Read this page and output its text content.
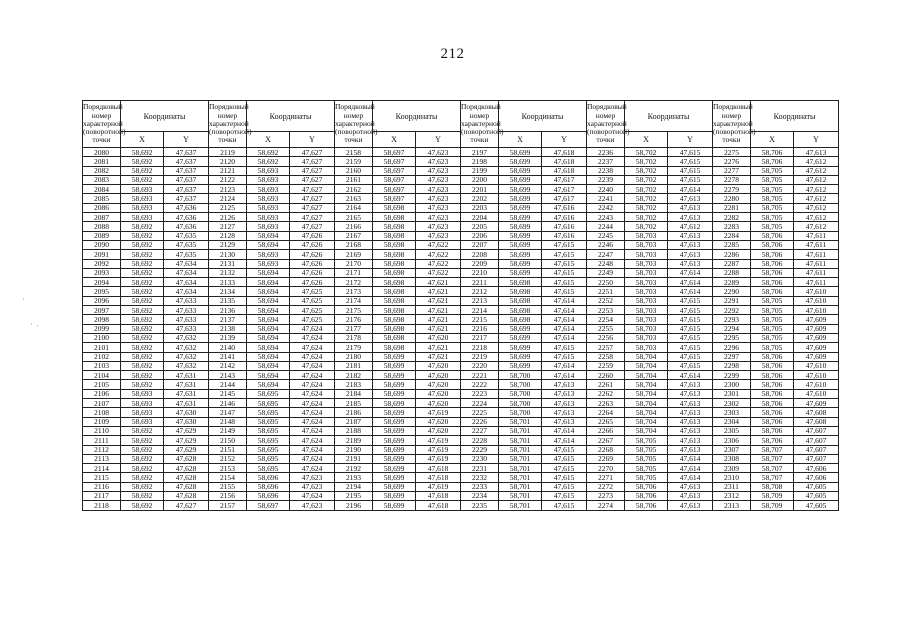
212
· ·
·
Порядковый номер характерной (поворотной) точки	Координаты		Порядковый номер характерной (поворотной) точки	Координаты		Порядковый номер характерной (поворотной) точки	Координаты		Порядковый номер характерной (поворотной) точки	Координаты		Порядковый номер характерной (поворотной) точки	Координаты		Порядковый номер характерной (поворотной) точки	Координаты	
	X	Y		X	Y		X	Y		X	Y		X	Y		X	Y
2080	58,692	47,637	2119	58,692	47,627	2158	58,697	47,623	2197	58,699	47,618	2236	58,702	47,615	2275	58,706	47,613
2081	58,692	47,637	2120	58,692	47,627	2159	58,697	47,623	2198	58,699	47,618	2237	58,702	47,615	2276	58,706	47,612
2082	58,692	47,637	2121	58,693	47,627	2160	58,697	47,623	2199	58,699	47,618	2238	58,702	47,615	2277	58,705	47,612
2083	58,692	47,637	2122	58,693	47,627	2161	58,697	47,623	2200	58,699	47,617	2239	58,702	47,615	2278	58,705	47,612
2084	58,693	47,637	2123	58,693	47,627	2162	58,697	47,623	2201	58,699	47,617	2240	58,702	47,614	2279	58,705	47,612
2085	58,693	47,637	2124	58,693	47,627	2163	58,697	47,623	2202	58,699	47,617	2241	58,702	47,613	2280	58,705	47,612
2086	58,693	47,636	2125	58,693	47,627	2164	58,698	47,623	2203	58,699	47,616	2242	58,702	47,613	2281	58,705	47,612
2087	58,693	47,636	2126	58,693	47,627	2165	58,698	47,623	2204	58,699	47,616	2243	58,702	47,613	2282	58,705	47,612
2088	58,692	47,636	2127	58,693	47,627	2166	58,698	47,623	2205	58,699	47,616	2244	58,702	47,612	2283	58,705	47,612
2089	58,692	47,635	2128	58,694	47,626	2167	58,698	47,623	2206	58,699	47,616	2245	58,703	47,613	2284	58,706	47,611
2090	58,692	47,635	2129	58,694	47,626	2168	58,698	47,622	2207	58,699	47,615	2246	58,703	47,613	2285	58,706	47,611
2091	58,692	47,635	2130	58,693	47,626	2169	58,698	47,622	2208	58,699	47,615	2247	58,703	47,613	2286	58,706	47,611
2092	58,692	47,634	2131	58,693	47,626	2170	58,698	47,622	2209	58,699	47,615	2248	58,703	47,613	2287	58,706	47,611
2093	58,692	47,634	2132	58,694	47,626	2171	58,698	47,622	2210	58,699	47,615	2249	58,703	47,614	2288	58,706	47,611
2094	58,692	47,634	2133	58,694	47,626	2172	58,698	47,621	2211	58,698	47,615	2250	58,703	47,614	2289	58,706	47,611
2095	58,692	47,634	2134	58,694	47,625	2173	58,698	47,621	2212	58,698	47,615	2251	58,703	47,614	2290	58,706	47,610
2096	58,692	47,633	2135	58,694	47,625	2174	58,698	47,621	2213	58,698	47,614	2252	58,703	47,615	2291	58,705	47,610
2097	58,692	47,633	2136	58,694	47,625	2175	58,698	47,621	2214	58,698	47,614	2253	58,703	47,615	2292	58,705	47,610
2098	58,692	47,633	2137	58,694	47,625	2176	58,698	47,621	2215	58,698	47,614	2254	58,703	47,615	2293	58,705	47,609
2099	58,692	47,633	2138	58,694	47,624	2177	58,698	47,621	2216	58,699	47,614	2255	58,703	47,615	2294	58,705	47,609
2100	58,692	47,632	2139	58,694	47,624	2178	58,698	47,620	2217	58,699	47,614	2256	58,703	47,615	2295	58,705	47,609
2101	58,692	47,632	2140	58,694	47,624	2179	58,698	47,621	2218	58,699	47,615	2257	58,703	47,615	2296	58,705	47,609
2102	58,692	47,632	2141	58,694	47,624	2180	58,699	47,621	2219	58,699	47,615	2258	58,704	47,615	2297	58,706	47,609
2103	58,692	47,632	2142	58,694	47,624	2181	58,699	47,620	2220	58,699	47,614	2259	58,704	47,615	2298	58,706	47,610
2104	58,692	47,631	2143	58,694	47,624	2182	58,699	47,620	2221	58,700	47,614	2260	58,704	47,614	2299	58,706	47,610
2105	58,692	47,631	2144	58,694	47,624	2183	58,699	47,620	2222	58,700	47,613	2261	58,704	47,613	2300	58,706	47,610
2106	58,693	47,631	2145	58,695	47,624	2184	58,699	47,620	2223	58,700	47,613	2262	58,704	47,613	2301	58,706	47,610
2107	58,693	47,631	2146	58,695	47,624	2185	58,699	47,620	2224	58,700	47,613	2263	58,704	47,613	2302	58,706	47,609
2108	58,693	47,630	2147	58,695	47,624	2186	58,699	47,619	2225	58,700	47,613	2264	58,704	47,613	2303	58,706	47,608
2109	58,693	47,630	2148	58,695	47,624	2187	58,699	47,620	2226	58,701	47,613	2265	58,704	47,613	2304	58,706	47,608
2110	58,692	47,629	2149	58,695	47,624	2188	58,699	47,620	2227	58,701	47,614	2266	58,704	47,613	2305	58,706	47,607
2111	58,692	47,629	2150	58,695	47,624	2189	58,699	47,619	2228	58,701	47,614	2267	58,705	47,613	2306	58,706	47,607
2112	58,692	47,629	2151	58,695	47,624	2190	58,699	47,619	2229	58,701	47,615	2268	58,705	47,613	2307	58,707	47,607
2113	58,692	47,628	2152	58,695	47,624	2191	58,699	47,619	2230	58,701	47,615	2269	58,705	47,614	2308	58,707	47,607
2114	58,692	47,628	2153	58,695	47,624	2192	58,699	47,618	2231	58,701	47,615	2270	58,705	47,614	2309	58,707	47,606
2115	58,692	47,628	2154	58,696	47,623	2193	58,699	47,618	2232	58,701	47,615	2271	58,705	47,614	2310	58,707	47,606
2116	58,692	47,628	2155	58,696	47,623	2194	58,699	47,619	2233	58,701	47,615	2272	58,706	47,613	2311	58,708	47,605
2117	58,692	47,628	2156	58,696	47,624	2195	58,699	47,618	2234	58,701	47,615	2273	58,706	47,613	2312	58,709	47,605
2118	58,692	47,627	2157	58,697	47,623	2196	58,699	47,618	2235	58,701	47,615	2274	58,706	47,613	2313	58,709	47,605
